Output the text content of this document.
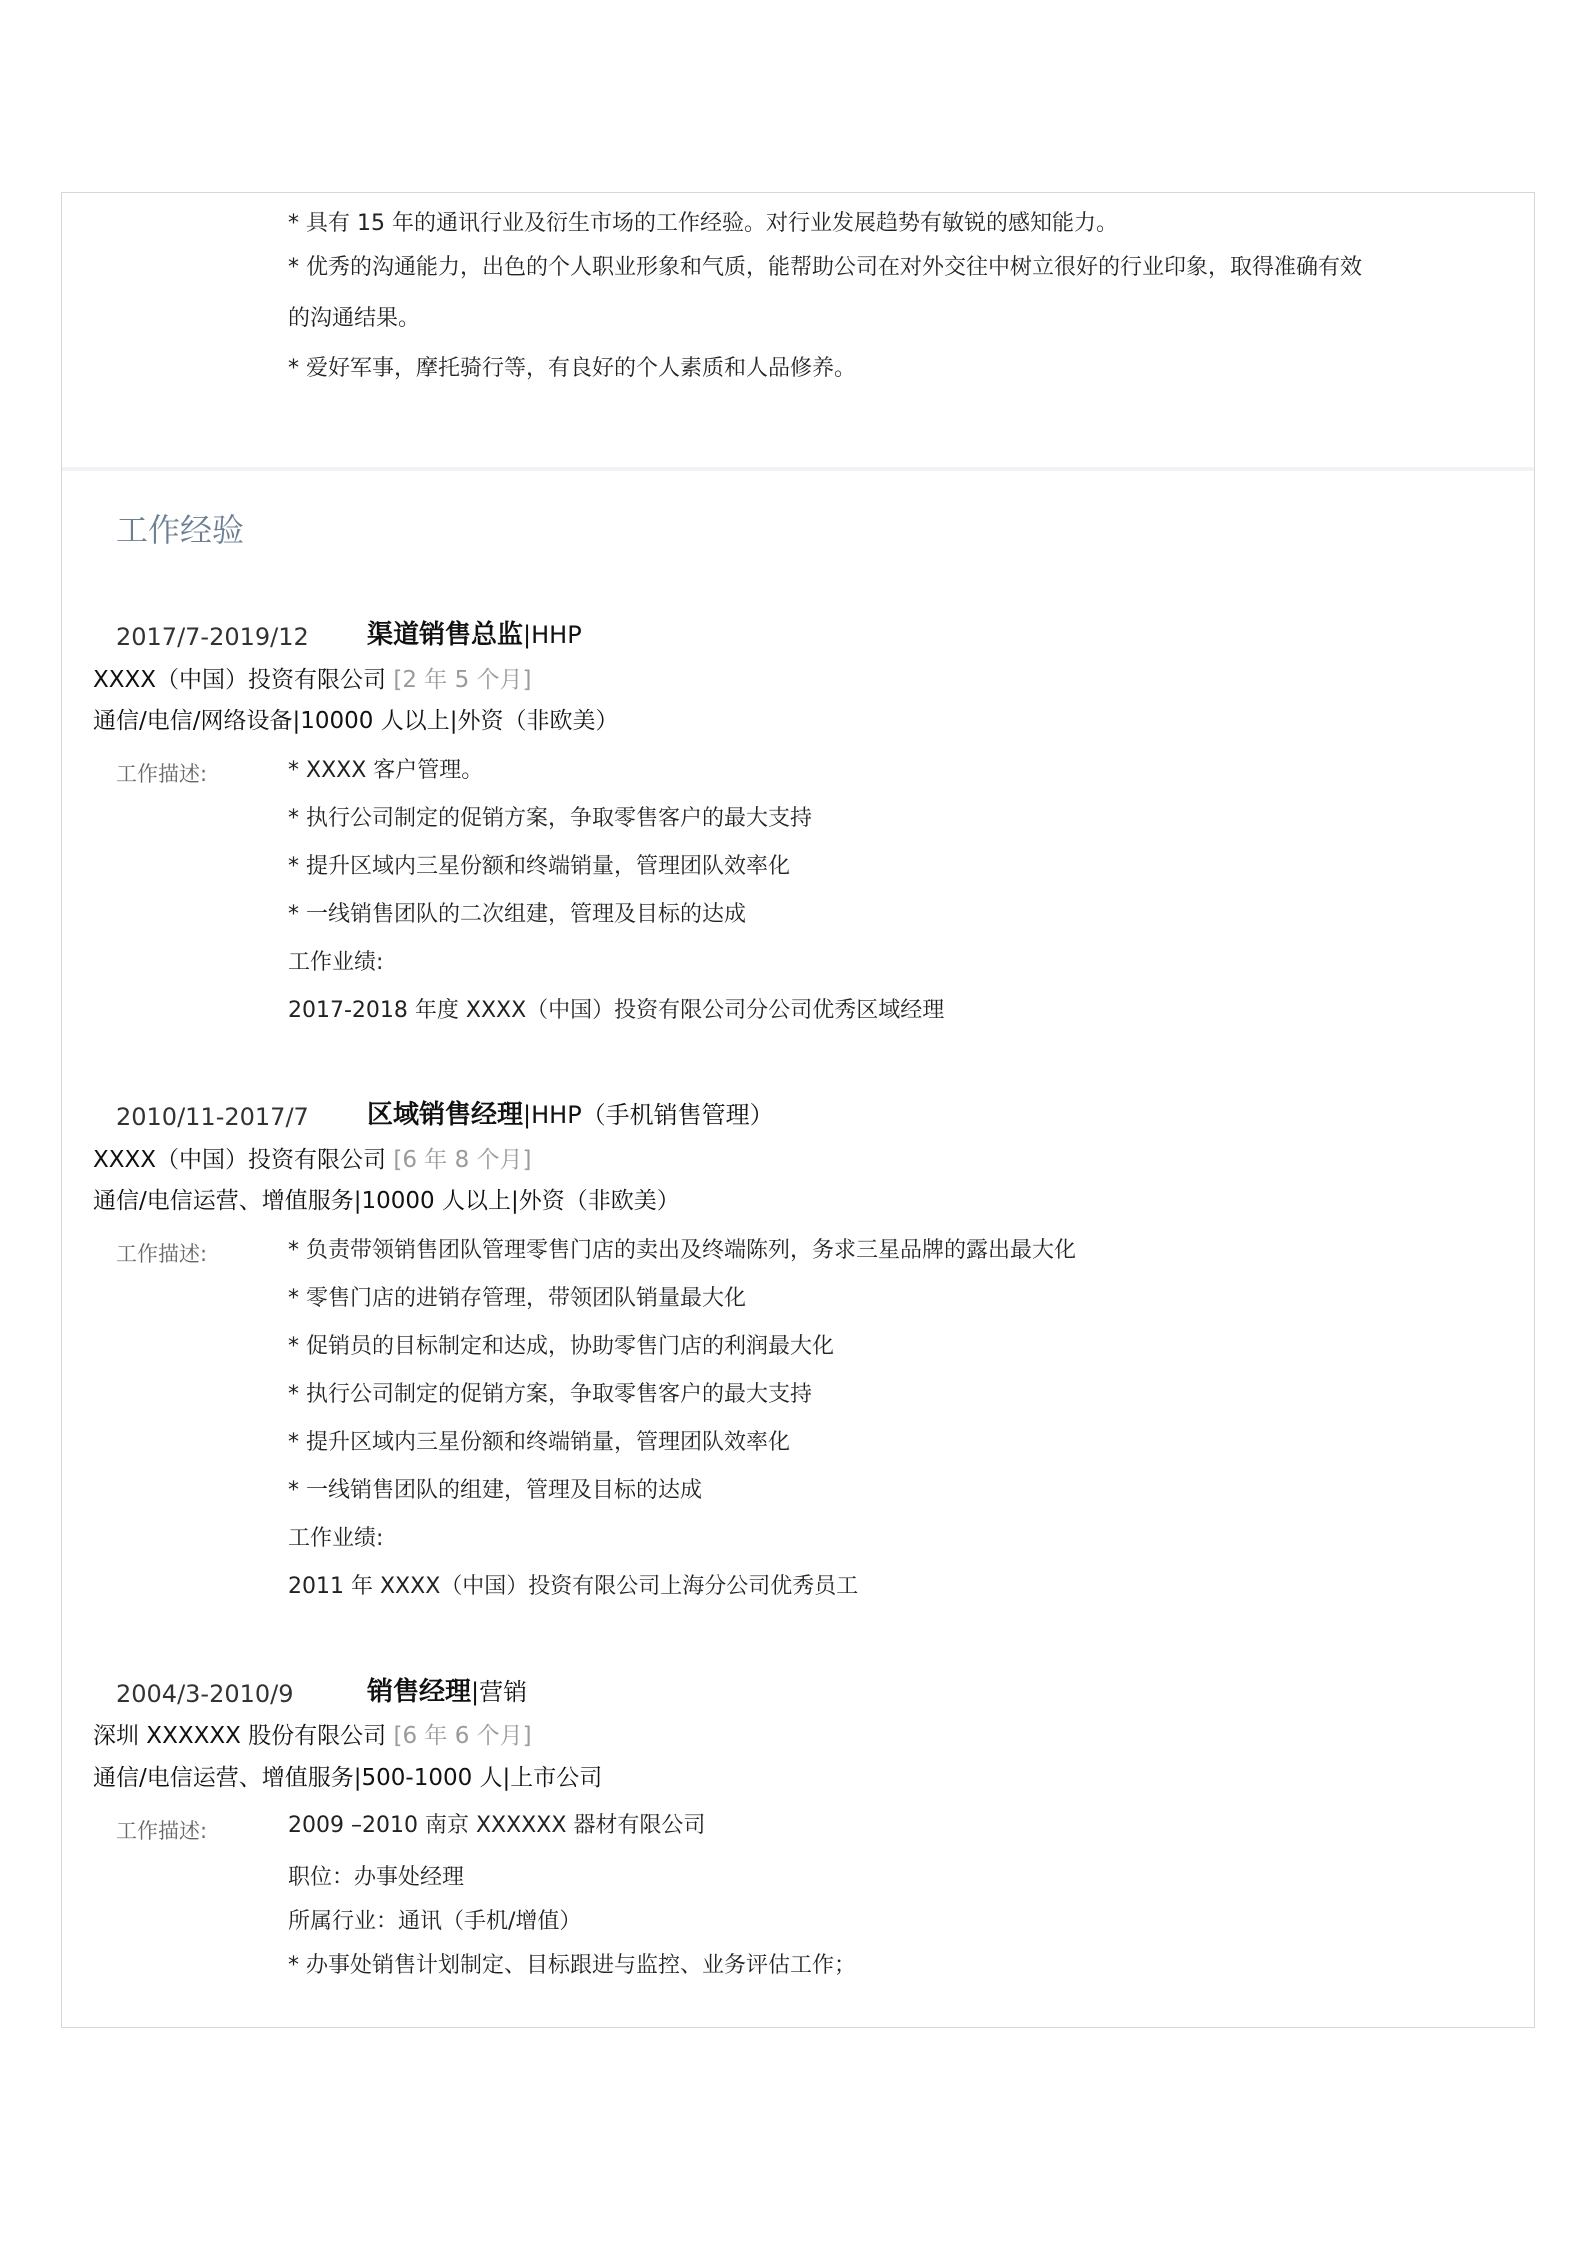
* 具有 15 年的通讯行业及衍生市场的工作经验。对行业发展趋势有敏锐的感知能力。
* 优秀的沟通能力，出色的个人职业形象和气质，能帮助公司在对外交往中树立很好的行业印象，取得准确有效
的沟通结果。
* 爱好军事，摩托骑行等，有良好的个人素质和人品修养。
工作经验
2017/7-2019/12 渠道销售总监|HHP
XXXX（中国）投资有限公司 [2 年 5 个月]
通信/电信/网络设备|10000 人以上|外资（非欧美）
工作描述:	* XXXX 客户管理。
* 执行公司制定的促销方案，争取零售客户的最大支持
* 提升区域内三星份额和终端销量，管理团队效率化
* 一线销售团队的二次组建，管理及目标的达成
工作业绩:
2017-2018 年度 XXXX（中国）投资有限公司分公司优秀区域经理
2010/11-2017/7 区域销售经理|HHP（手机销售管理）
XXXX（中国）投资有限公司 [6 年 8 个月]
通信/电信运营、增值服务|10000 人以上|外资（非欧美）
工作描述:	* 负责带领销售团队管理零售门店的卖出及终端陈列，务求三星品牌的露出最大化
* 零售门店的进销存管理，带领团队销量最大化
* 促销员的目标制定和达成，协助零售门店的利润最大化
* 执行公司制定的促销方案，争取零售客户的最大支持
* 提升区域内三星份额和终端销量，管理团队效率化
* 一线销售团队的组建，管理及目标的达成
工作业绩:
2011 年 XXXX（中国）投资有限公司上海分公司优秀员工
2004/3-2010/9	销售经理|营销
深圳 XXXXXX 股份有限公司 [6 年 6 个月]
通信/电信运营、增值服务|500-1000 人|上市公司
工作描述:	2009 –2010 南京 XXXXXX 器材有限公司
职位：办事处经理
所属行业：通讯（手机/增值）
* 办事处销售计划制定、目标跟进与监控、业务评估工作；
